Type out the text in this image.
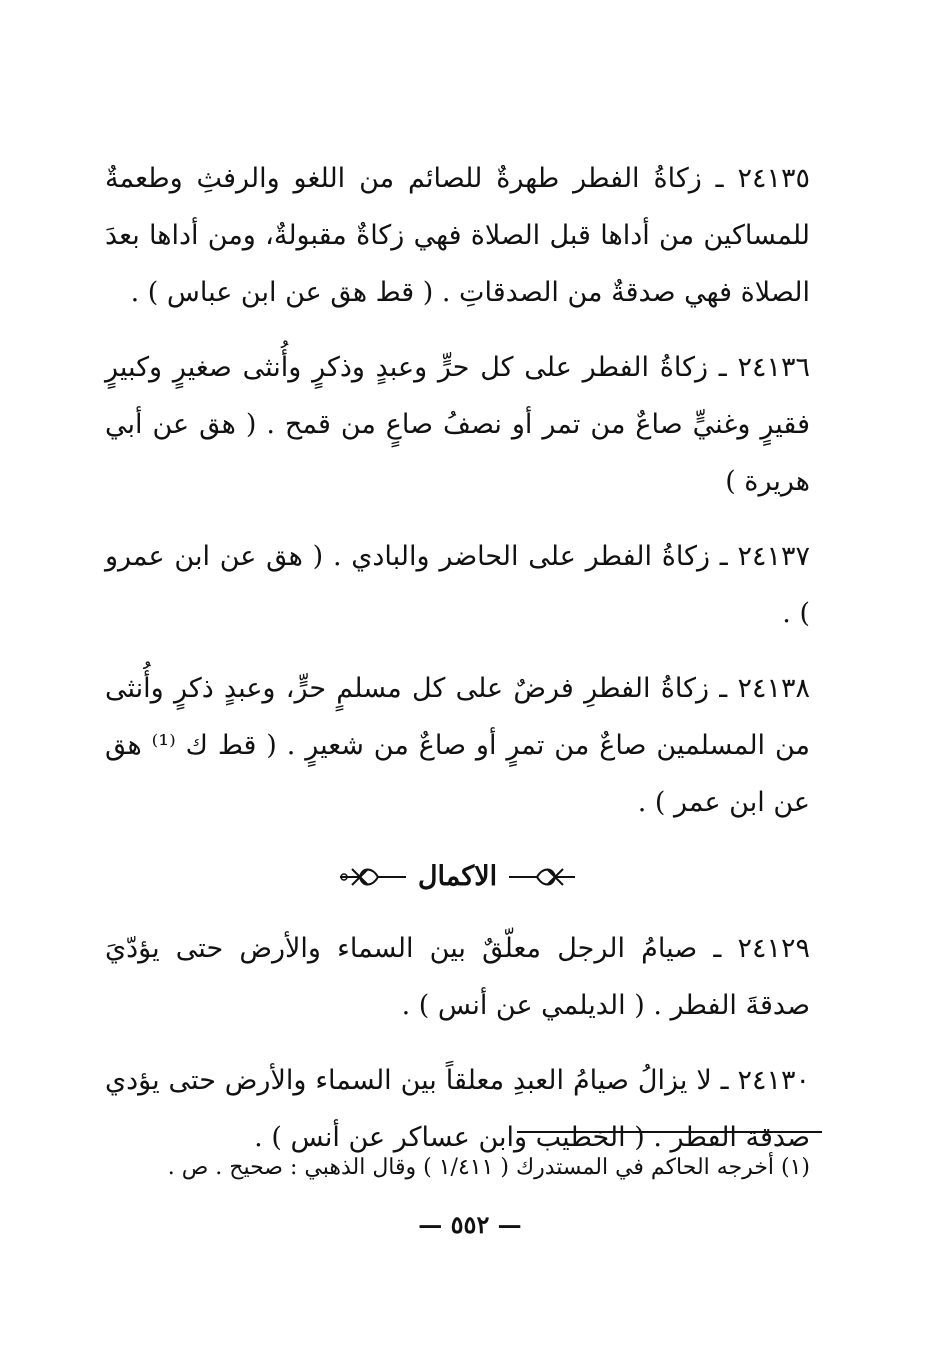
٢٤١٣٥ ـ زكاةُ الفطر طهرةٌ للصائم من اللغو والرفثِ وطعمةٌ للمساكين من أداها قبل الصلاة فهي زكاةٌ مقبولةٌ، ومن أداها بعدَ الصلاة فهي صدقةٌ من الصدقاتِ . ( قط هق عن ابن عباس ) .

٢٤١٣٦ ـ زكاةُ الفطر على كل حرٍّ وعبدٍ وذكرٍ وأُنثى صغيرٍ وكبيرٍ فقيرٍ وغنيٍّ صاعٌ من تمر أو نصفُ صاعٍ من قمح . ( هق عن أبي هريرة )

٢٤١٣٧ ـ زكاةُ الفطر على الحاضر والبادي . ( هق عن ابن عمرو ) .

٢٤١٣٨ ـ زكاةُ الفطرِ فرضٌ على كل مسلمٍ حرٍّ، وعبدٍ ذكرٍ وأُنثى من المسلمين صاعٌ من تمرٍ أو صاعٌ من شعيرٍ . ( قط ك ⁽¹⁾ هق عن ابن عمر ) .

الاكمال

٢٤١٢٩ ـ صيامُ الرجل معلّقٌ بين السماء والأرض حتى يؤدّيَ صدقةَ الفطر . ( الديلمي عن أنس ) .

٢٤١٣٠ ـ لا يزالُ صيامُ العبدِ معلقاً بين السماء والأرض حتى يؤدي صدقة الفطر . ( الخطيب وابن عساكر عن أنس ) .

(١) أخرجه الحاكم في المستدرك ( ١/٤١١ ) وقال الذهبي : صحيح . ص .
— ٥٥٢ —
